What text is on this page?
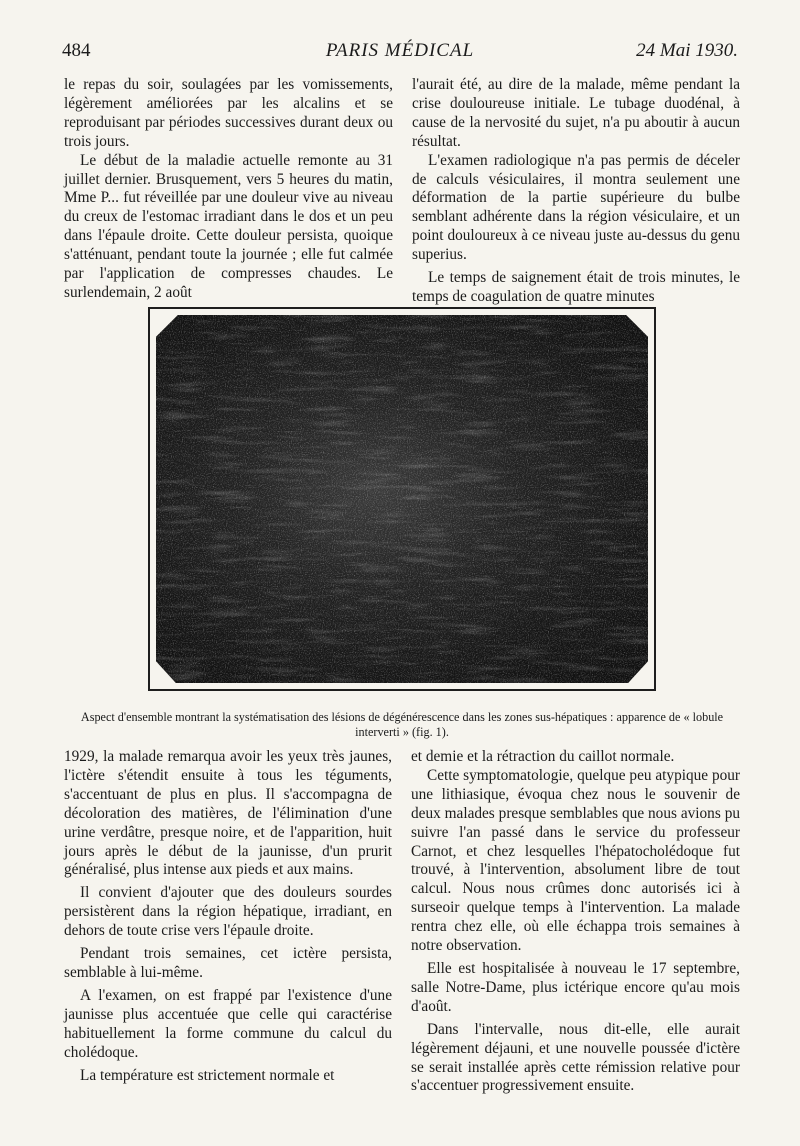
484	PARIS MÉDICAL	24 Mai 1930.

le repas du soir, soulagées par les vomissements, légèrement améliorées par les alcalins et se reproduisant par périodes successives durant deux ou trois jours.

Le début de la maladie actuelle remonte au 31 juillet dernier. Brusquement, vers 5 heures du matin, Mme P... fut réveillée par une douleur vive au niveau du creux de l'estomac irradiant dans le dos et un peu dans l'épaule droite. Cette douleur persista, quoique s'atténuant, pendant toute la journée ; elle fut calmée par l'application de compresses chaudes. Le surlendemain, 2 août

l'aurait été, au dire de la malade, même pendant la crise douloureuse initiale. Le tubage duodénal, à cause de la nervosité du sujet, n'a pu aboutir à aucun résultat.

L'examen radiologique n'a pas permis de déceler de calculs vésiculaires, il montra seulement une déformation de la partie supérieure du bulbe semblant adhérente dans la région vésiculaire, et un point douloureux à ce niveau juste au-dessus du genu superius.

Le temps de saignement était de trois minutes, le temps de coagulation de quatre minutes

Aspect d'ensemble montrant la systématisation des lésions de dégénérescence dans les zones sus-hépatiques : apparence de « lobule interverti » (fig. 1).

1929, la malade remarqua avoir les yeux très jaunes, l'ictère s'étendit ensuite à tous les téguments, s'accentuant de plus en plus. Il s'accompagna de décoloration des matières, de l'élimination d'une urine verdâtre, presque noire, et de l'apparition, huit jours après le début de la jaunisse, d'un prurit généralisé, plus intense aux pieds et aux mains.

Il convient d'ajouter que des douleurs sourdes persistèrent dans la région hépatique, irradiant, en dehors de toute crise vers l'épaule droite.

Pendant trois semaines, cet ictère persista, semblable à lui-même.

A l'examen, on est frappé par l'existence d'une jaunisse plus accentuée que celle qui caractérise habituellement la forme commune du calcul du cholédoque.

La température est strictement normale et

et demie et la rétraction du caillot normale.

Cette symptomatologie, quelque peu atypique pour une lithiasique, évoqua chez nous le souvenir de deux malades presque semblables que nous avions pu suivre l'an passé dans le service du professeur Carnot, et chez lesquelles l'hépatocholédoque fut trouvé, à l'intervention, absolument libre de tout calcul. Nous nous crûmes donc autorisés ici à surseoir quelque temps à l'intervention. La malade rentra chez elle, où elle échappa trois semaines à notre observation.

Elle est hospitalisée à nouveau le 17 septembre, salle Notre-Dame, plus ictérique encore qu'au mois d'août.

Dans l'intervalle, nous dit-elle, elle aurait légèrement déjauni, et une nouvelle poussée d'ictère se serait installée après cette rémission relative pour s'accentuer progressivement ensuite.
